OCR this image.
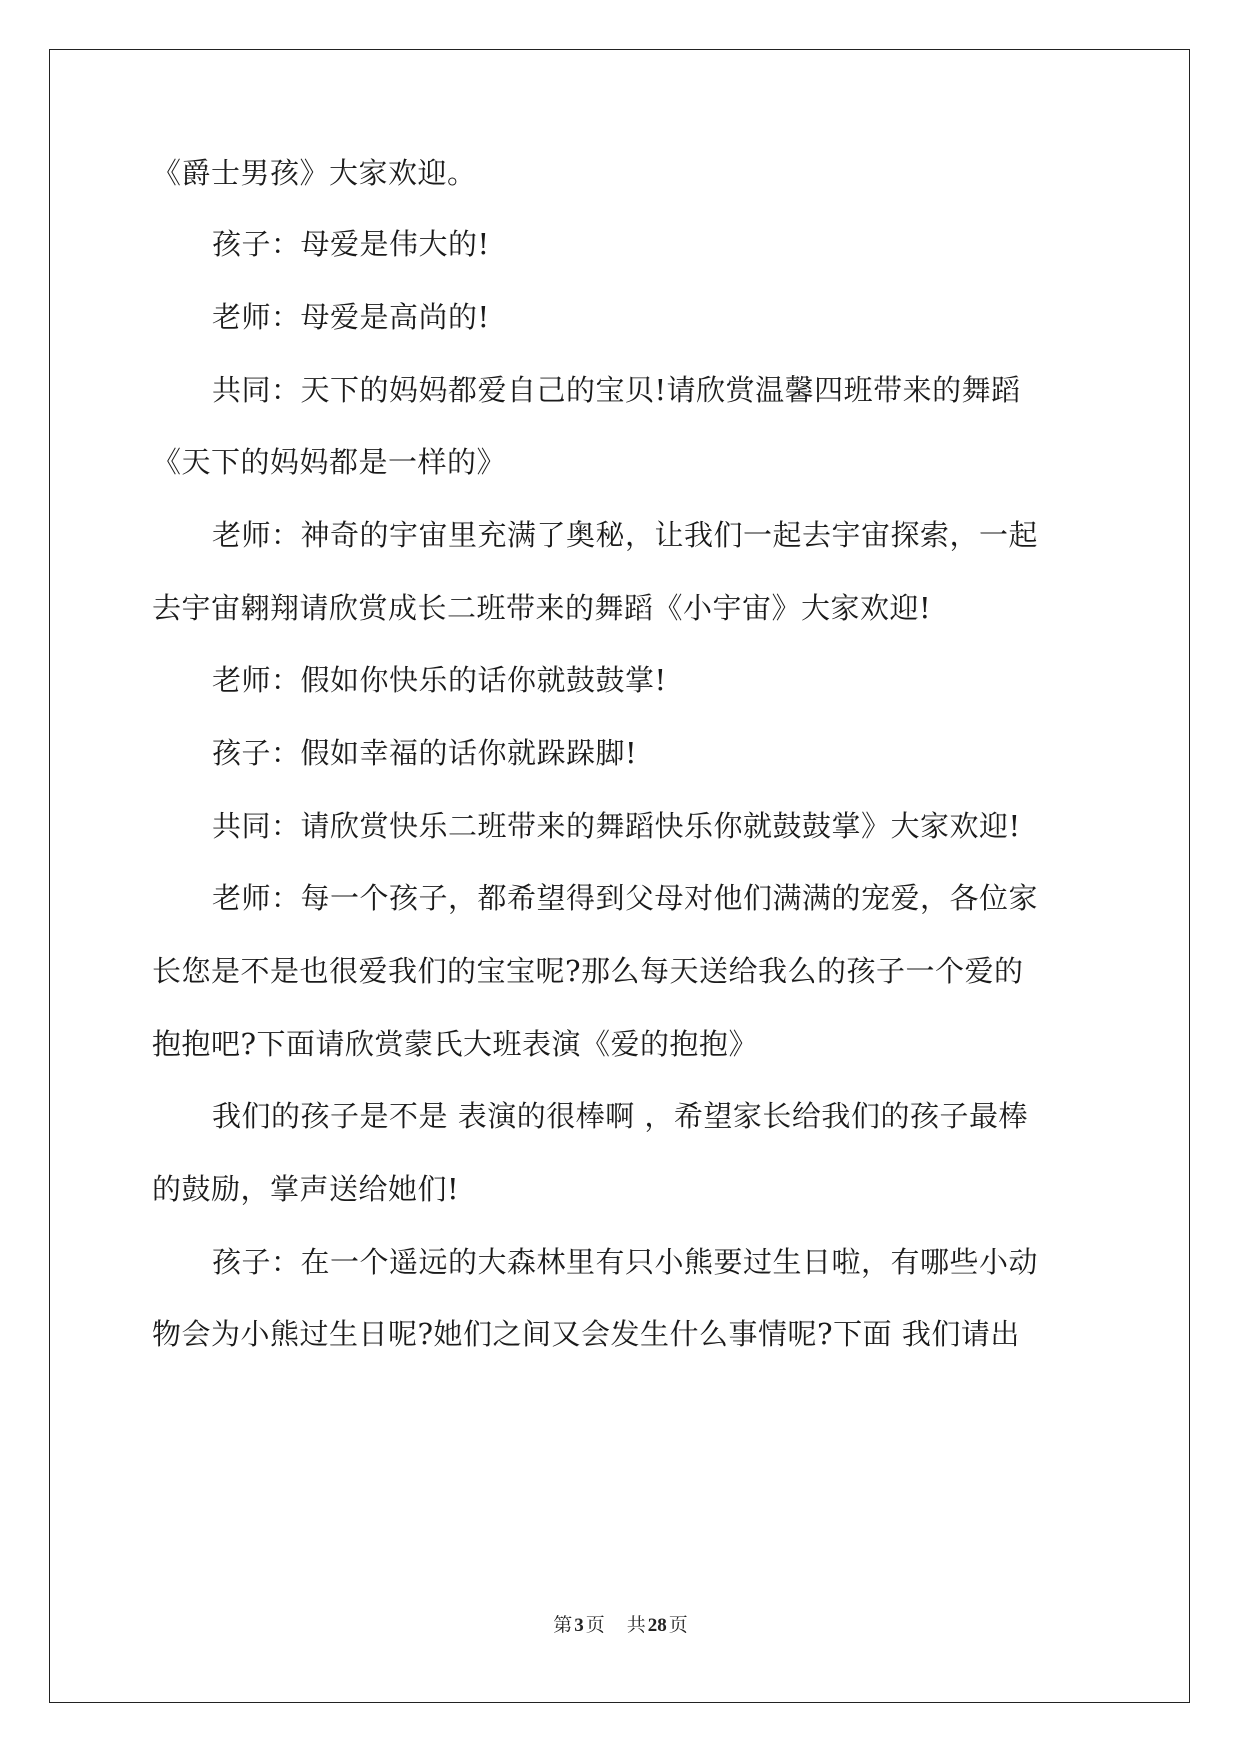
《爵士男孩》大家欢迎。
孩子：母爱是伟大的!
老师：母爱是高尚的!
共同：天下的妈妈都爱自己的宝贝!请欣赏温馨四班带来的舞蹈
《天下的妈妈都是一样的》
老师：神奇的宇宙里充满了奥秘，让我们一起去宇宙探索，一起
去宇宙翱翔请欣赏成长二班带来的舞蹈《小宇宙》大家欢迎!
老师：假如你快乐的话你就鼓鼓掌!
孩子：假如幸福的话你就跺跺脚!
共同：请欣赏快乐二班带来的舞蹈快乐你就鼓鼓掌》大家欢迎!
老师：每一个孩子，都希望得到父母对他们满满的宠爱，各位家
长您是不是也很爱我们的宝宝呢?那么每天送给我么的孩子一个爱的
抱抱吧?下面请欣赏蒙氏大班表演《爱的抱抱》
我们的孩子是不是 表演的很棒啊 ，希望家长给我们的孩子最棒
的鼓励，掌声送给她们!
孩子：在一个遥远的大森林里有只小熊要过生日啦，有哪些小动
物会为小熊过生日呢?她们之间又会发生什么事情呢?下面 我们请出
第 3 页 共 28 页
